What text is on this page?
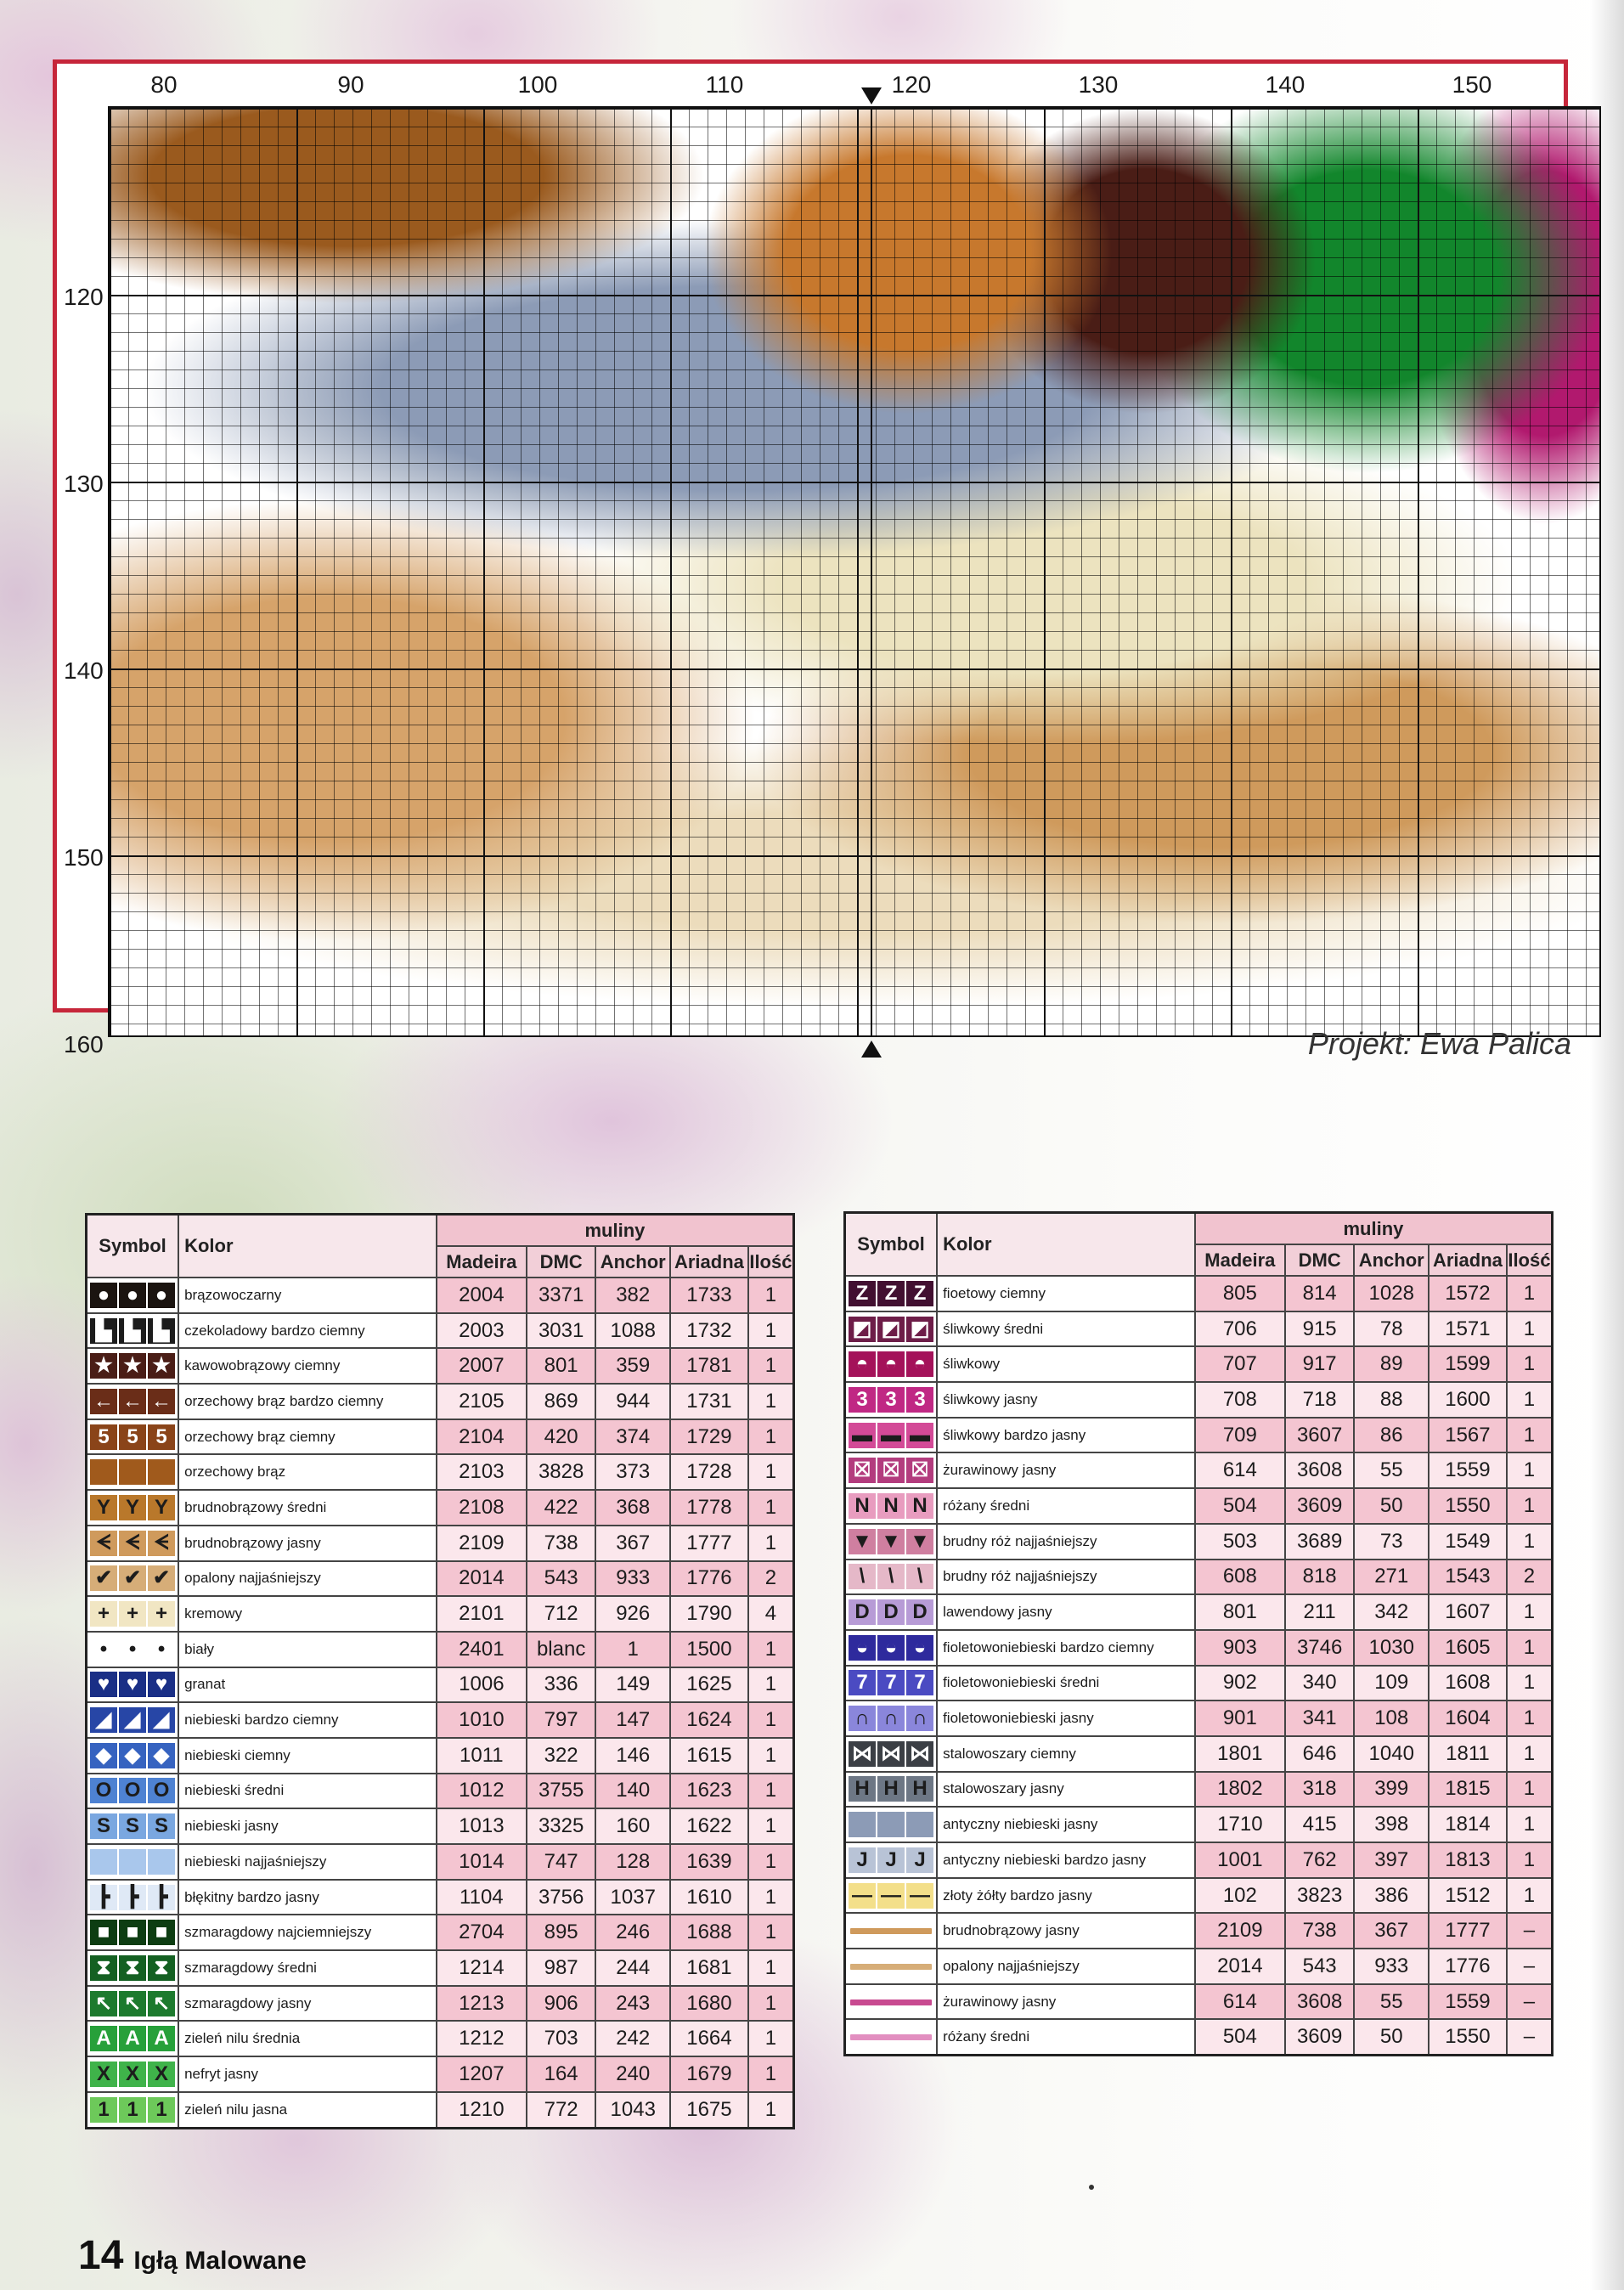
80	90	100	110	120	130	140	150
120
130
140
150
160	Projekt: Ewa Palica
Symbol	Kolor	muliny				
		Madeira	DMC	Anchor	Ariadna	Ilość

● ● ●	brązowoczarny	2004	3371	382	1733	1

▙ ▙ ▙	czekoladowy bardzo ciemny	2003	3031	1088	1732	1

★ ★ ★	kawowobrązowy ciemny	2007	801	359	1781	1

← ← ←	orzechowy brąz bardzo ciemny	2105	869	944	1731	1

5 5 5	orzechowy brąz ciemny	2104	420	374	1729	1

	orzechowy brąz	2103	3828	373	1728	1

Y Y Y	brudnobrązowy średni	2108	422	368	1778	1

ᗕ ᗕ ᗕ	brudnobrązowy jasny	2109	738	367	1777	1

✔ ✔ ✔	opalony najjaśniejszy	2014	543	933	1776	2

+ + +	kremowy	2101	712	926	1790	4

• • •	biały	2401	blanc	1	1500	1

♥ ♥ ♥	granat	1006	336	149	1625	1

◢ ◢ ◢	niebieski bardzo ciemny	1010	797	147	1624	1

◆ ◆ ◆	niebieski ciemny	1011	322	146	1615	1

O O O	niebieski średni	1012	3755	140	1623	1

S S S	niebieski jasny	1013	3325	160	1622	1

	niebieski najjaśniejszy	1014	747	128	1639	1

┣ ┣ ┣	błękitny bardzo jasny	1104	3756	1037	1610	1

■ ■ ■	szmaragdowy najciemniejszy	2704	895	246	1688	1

⧗ ⧗ ⧗	szmaragdowy średni	1214	987	244	1681	1

↖ ↖ ↖	szmaragdowy jasny	1213	906	243	1680	1

A A A	zieleń nilu średnia	1212	703	242	1664	1

X X X	nefryt jasny	1207	164	240	1679	1

1 1 1	zieleń nilu jasna	1210	772	1043	1675	1
Symbol	Kolor	muliny				
		Madeira	DMC	Anchor	Ariadna	Ilość

Z Z Z	fioetowy ciemny	805	814	1028	1572	1

◩ ◩ ◩	śliwkowy średni	706	915	78	1571	1

◓ ◓ ◓	śliwkowy	707	917	89	1599	1

3 3 3	śliwkowy jasny	708	718	88	1600	1

▬ ▬ ▬	śliwkowy bardzo jasny	709	3607	86	1567	1

⛝ ⛝ ⛝	żurawinowy jasny	614	3608	55	1559	1

N N N	różany średni	504	3609	50	1550	1

▼ ▼ ▼	brudny róż najjaśniejszy	503	3689	73	1549	1

\ \ \	brudny róż najjaśniejszy	608	818	271	1543	2

D D D	lawendowy jasny	801	211	342	1607	1

◒ ◒ ◒	fioletowoniebieski bardzo ciemny	903	3746	1030	1605	1

7 7 7	fioletowoniebieski średni	902	340	109	1608	1

∩ ∩ ∩	fioletowoniebieski jasny	901	341	108	1604	1

⋈ ⋈ ⋈	stalowoszary ciemny	1801	646	1040	1811	1

H H H	stalowoszary jasny	1802	318	399	1815	1

	antyczny niebieski jasny	1710	415	398	1814	1

J J J	antyczny niebieski bardzo jasny	1001	762	397	1813	1

— — —	złoty żółty bardzo jasny	102	3823	386	1512	1

	brudnobrązowy jasny	2109	738	367	1777	–

	opalony najjaśniejszy	2014	543	933	1776	–

	żurawinowy jasny	614	3608	55	1559	–

	różany średni	504	3609	50	1550	–
14 Igłą Malowane
